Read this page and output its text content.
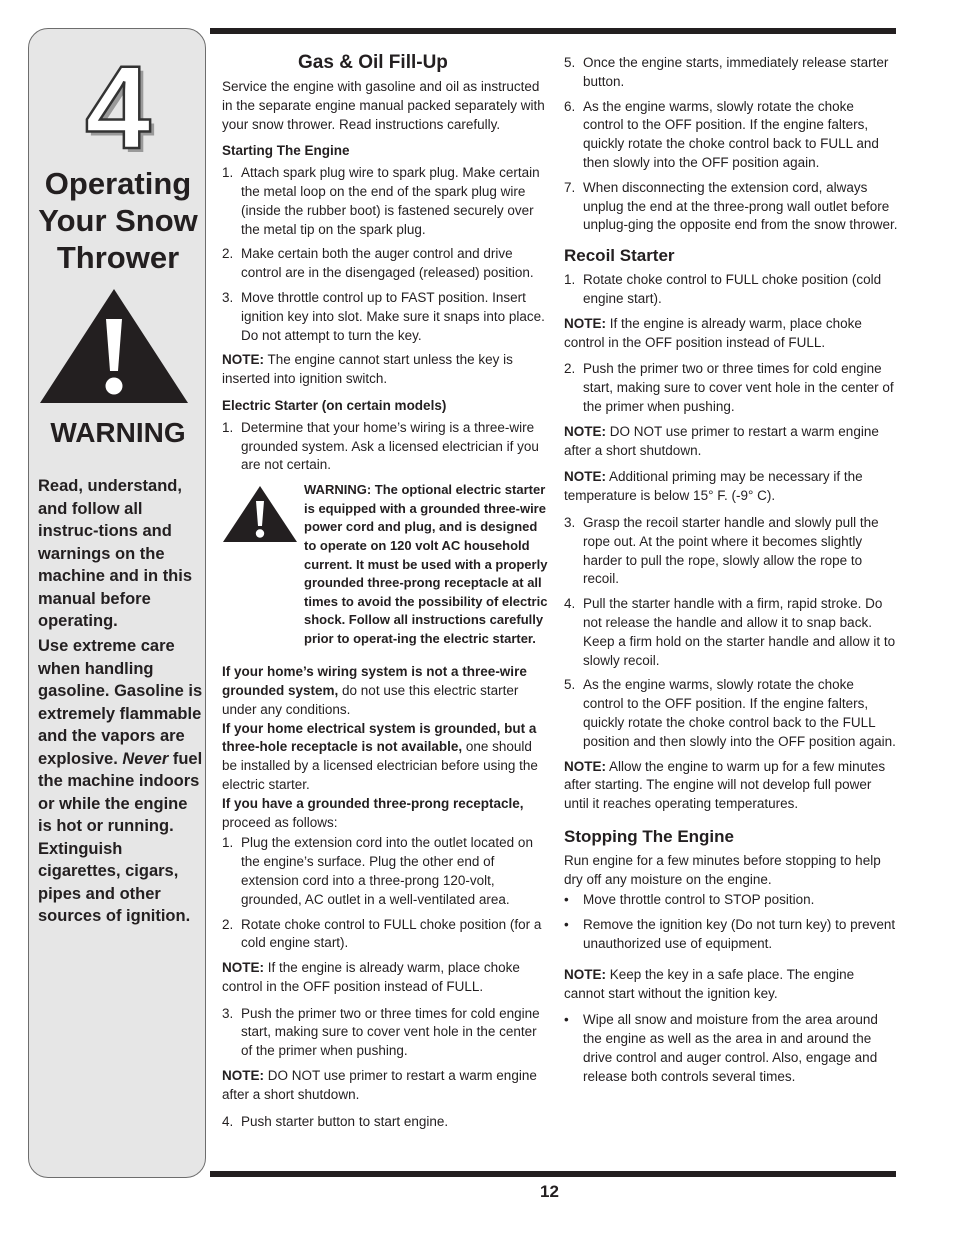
4
Operating
Your Snow
Thrower
WARNING
Read, understand, and follow all instruc-tions and warnings on the machine and in this manual before operating.
Use extreme care when handling gasoline. Gasoline is extremely flammable and the vapors are explosive. Never fuel the machine indoors or while the engine is hot or running. Extinguish cigarettes, cigars, pipes and other sources of ignition.
Gas & Oil Fill-Up

Service the engine with gasoline and oil as instructed in the separate engine manual packed separately with your snow thrower. Read instructions carefully.

Starting The Engine
1. Attach spark plug wire to spark plug. Make certain the metal loop on the end of the spark plug wire (inside the rubber boot) is fastened securely over the metal tip on the spark plug.
2. Make certain both the auger control and drive control are in the disengaged (released) position.
3. Move throttle control up to FAST position. Insert ignition key into slot. Make sure it snaps into place. Do not attempt to turn the key.

NOTE: The engine cannot start unless the key is inserted into ignition switch.

Electric Starter (on certain models)
1. Determine that your home’s wiring is a three-wire grounded system. Ask a licensed electrician if you are not certain.
WARNING: The optional electric starter is equipped with a grounded three-wire power cord and plug, and is designed to operate on 120 volt AC household current. It must be used with a properly grounded three-prong receptacle at all times to avoid the possibility of electric shock. Follow all instructions carefully prior to operat-ing the electric starter.

If your home’s wiring system is not a three-wire grounded system, do not use this electric starter under any conditions.

If your home electrical system is grounded, but a three-hole receptacle is not available, one should be installed by a licensed electrician before using the electric starter.

If you have a grounded three-prong receptacle, proceed as follows:

1. Plug the extension cord into the outlet located on the engine’s surface. Plug the other end of extension cord into a three-prong 120-volt, grounded, AC outlet in a well-ventilated area.
2. Rotate choke control to FULL choke position (for a cold engine start).

NOTE: If the engine is already warm, place choke control in the OFF position instead of FULL.

3. Push the primer two or three times for cold engine start, making sure to cover vent hole in the center of the primer when pushing.

NOTE: DO NOT use primer to restart a warm engine after a short shutdown.

4. Push starter button to start engine.
5. Once the engine starts, immediately release starter button.
6. As the engine warms, slowly rotate the choke control to the OFF position. If the engine falters, quickly rotate the choke control back to FULL and then slowly into the OFF position again.
7. When disconnecting the extension cord, always unplug the end at the three-prong wall outlet before unplug-ging the opposite end from the snow thrower.
Recoil Starter
1. Rotate choke control to FULL choke position (cold engine start).

NOTE: If the engine is already warm, place choke control in the OFF position instead of FULL.

2. Push the primer two or three times for cold engine start, making sure to cover vent hole in the center of the primer when pushing.

NOTE: DO NOT use primer to restart a warm engine after a short shutdown.

NOTE: Additional priming may be necessary if the temperature is below 15° F. (-9° C).

3. Grasp the recoil starter handle and slowly pull the rope out. At the point where it becomes slightly harder to pull the rope, slowly allow the rope to recoil.
4. Pull the starter handle with a firm, rapid stroke. Do not release the handle and allow it to snap back. Keep a firm hold on the starter handle and allow it to slowly recoil.
5. As the engine warms, slowly rotate the choke control to the OFF position. If the engine falters, quickly rotate the choke control back to the FULL position and then slowly into the OFF position again.

NOTE: Allow the engine to warm up for a few minutes after starting. The engine will not develop full power until it reaches operating temperatures.

Stopping The Engine

Run engine for a few minutes before stopping to help dry off any moisture on the engine.

• Move throttle control to STOP position.
• Remove the ignition key (Do not turn key) to prevent unauthorized use of equipment.

NOTE: Keep the key in a safe place. The engine cannot start without the ignition key.

• Wipe all snow and moisture from the area around the engine as well as the area in and around the drive control and auger control. Also, engage and release both controls several times.
12
